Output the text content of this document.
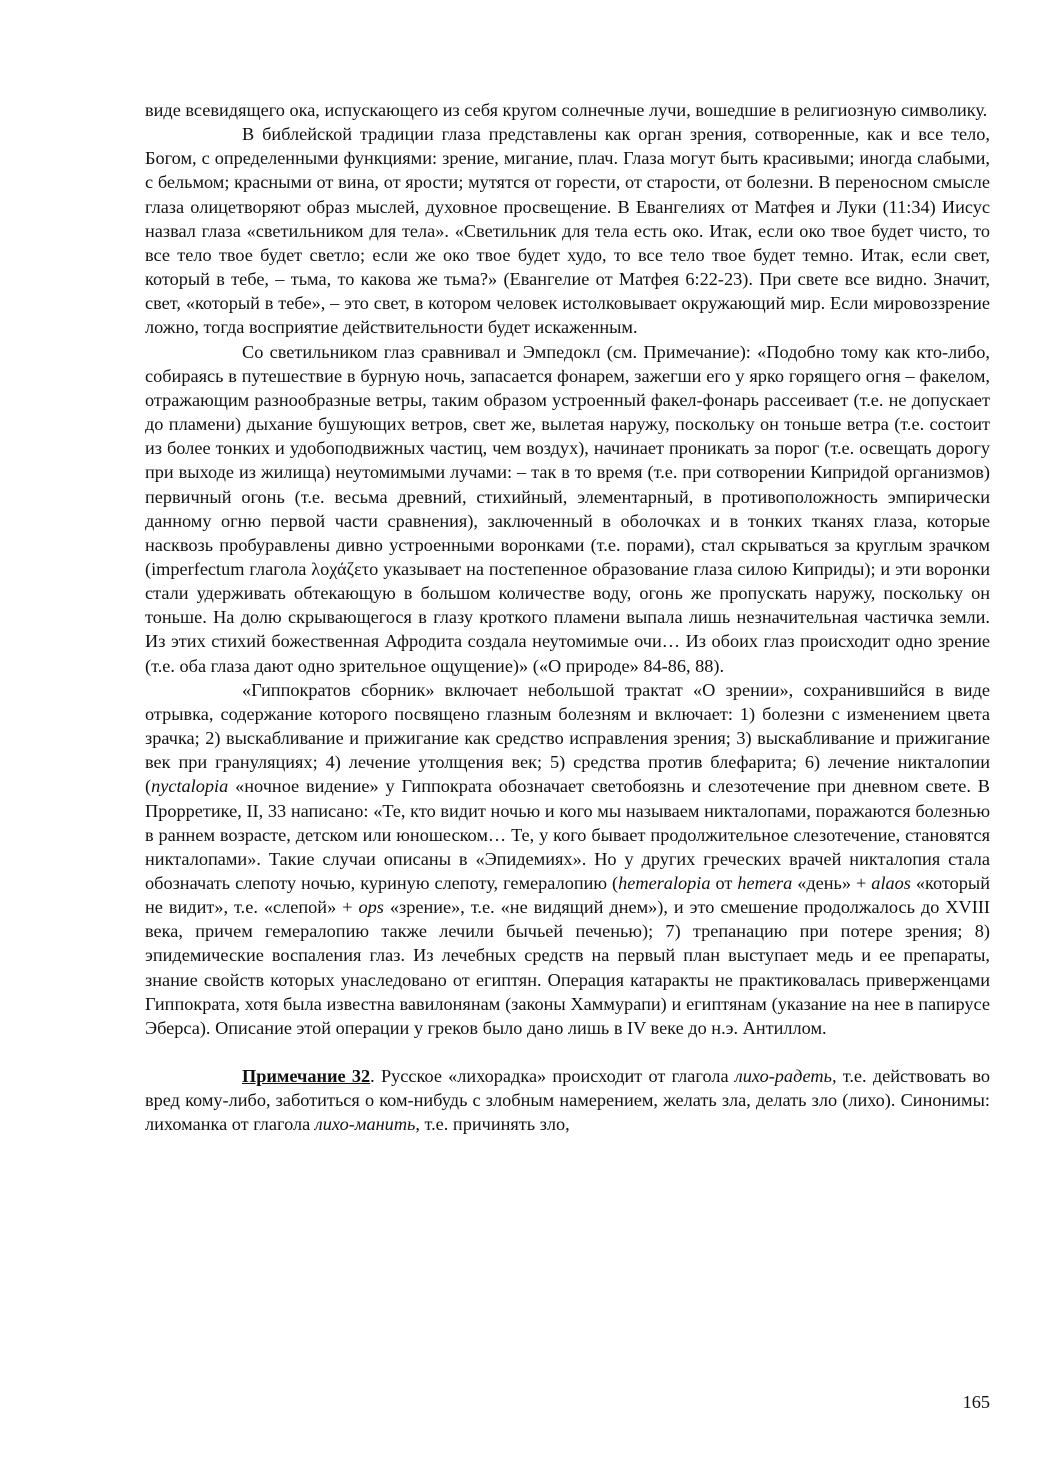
виде всевидящего ока, испускающего из себя кругом солнечные лучи, вошедшие в религиозную символику.

В библейской традиции глаза представлены как орган зрения, сотворенные, как и все тело, Богом, с определенными функциями: зрение, мигание, плач. Глаза могут быть красивыми; иногда слабыми, с бельмом; красными от вина, от ярости; мутятся от горести, от старости, от болезни. В переносном смысле глаза олицетворяют образ мыслей, духовное просвещение. В Евангелиях от Матфея и Луки (11:34) Иисус назвал глаза «светильником для тела». «Светильник для тела есть око. Итак, если око твое будет чисто, то все тело твое будет светло; если же око твое будет худо, то все тело твое будет темно. Итак, если свет, который в тебе, – тьма, то какова же тьма?» (Евангелие от Матфея 6:22-23). При свете все видно. Значит, свет, «который в тебе», – это свет, в котором человек истолковывает окружающий мир. Если мировоззрение ложно, тогда восприятие действительности будет искаженным.

Со светильником глаз сравнивал и Эмпедокл (см. Примечание): «Подобно тому как кто-либо, собираясь в путешествие в бурную ночь, запасается фонарем, зажегши его у ярко горящего огня – факелом, отражающим разнообразные ветры, таким образом устроенный факел-фонарь рассеивает (т.е. не допускает до пламени) дыхание бушующих ветров, свет же, вылетая наружу, поскольку он тоньше ветра (т.е. состоит из более тонких и удобоподвижных частиц, чем воздух), начинает проникать за порог (т.е. освещать дорогу при выходе из жилища) неутомимыми лучами: – так в то время (т.е. при сотворении Кипридой организмов) первичный огонь (т.е. весьма древний, стихийный, элементарный, в противоположность эмпирически данному огню первой части сравнения), заключенный в оболочках и в тонких тканях глаза, которые насквозь пробуравлены дивно устроенными воронками (т.е. порами), стал скрываться за круглым зрачком (imperfectum глагола λοχάζετο указывает на постепенное образование глаза силою Киприды); и эти воронки стали удерживать обтекающую в большом количестве воду, огонь же пропускать наружу, поскольку он тоньше. На долю скрывающегося в глазу кроткого пламени выпала лишь незначительная частичка земли. Из этих стихий божественная Афродита создала неутомимые очи… Из обоих глаз происходит одно зрение (т.е. оба глаза дают одно зрительное ощущение)» («О природе» 84-86, 88).

«Гиппократов сборник» включает небольшой трактат «О зрении», сохранившийся в виде отрывка, содержание которого посвящено глазным болезням и включает: 1) болезни с изменением цвета зрачка; 2) выскабливание и прижигание как средство исправления зрения; 3) выскабливание и прижигание век при грануляциях; 4) лечение утолщения век; 5) средства против блефарита; 6) лечение никталопии (nyctalopia «ночное видение» у Гиппократа обозначает светобоязнь и слезотечение при дневном свете. В Прорретике, II, 33 написано: «Те, кто видит ночью и кого мы называем никталопами, поражаются болезнью в раннем возрасте, детском или юношеском… Те, у кого бывает продолжительное слезотечение, становятся никталопами». Такие случаи описаны в «Эпидемиях». Но у других греческих врачей никталопия стала обозначать слепоту ночью, куриную слепоту, гемералопию (hemeralopia от hemera «день» + alaos «который не видит», т.е. «слепой» + ops «зрение», т.е. «не видящий днем»), и это смешение продолжалось до XVIII века, причем гемералопию также лечили бычьей печенью); 7) трепанацию при потере зрения; 8) эпидемические воспаления глаз. Из лечебных средств на первый план выступает медь и ее препараты, знание свойств которых унаследовано от египтян. Операция катаракты не практиковалась приверженцами Гиппократа, хотя была известна вавилонянам (законы Хаммурапи) и египтянам (указание на нее в папирусе Эберса). Описание этой операции у греков было дано лишь в IV веке до н.э. Антиллом.

Примечание 32. Русское «лихорадка» происходит от глагола лихо-радеть, т.е. действовать во вред кому-либо, заботиться о ком-нибудь с злобным намерением, желать зла, делать зло (лихо). Синонимы: лихоманка от глагола лихо-манить, т.е. причинять зло,

165
